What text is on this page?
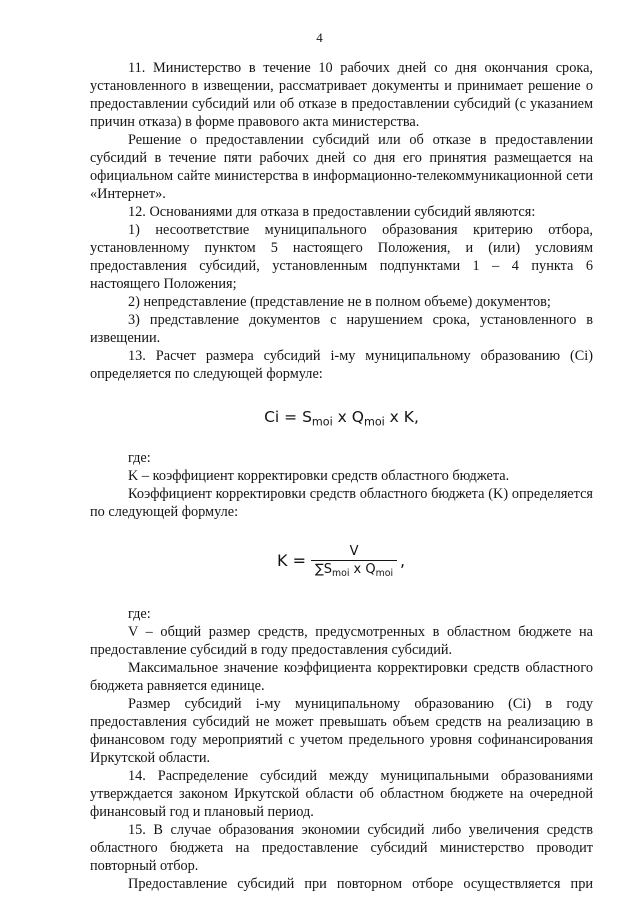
4

11. Министерство в течение 10 рабочих дней со дня окончания срока, установленного в извещении, рассматривает документы и принимает решение о предоставлении субсидий или об отказе в предоставлении субсидий (с указанием причин отказа) в форме правового акта министерства.

Решение о предоставлении субсидий или об отказе в предоставлении субсидий в течение пяти рабочих дней со дня его принятия размещается на официальном сайте министерства в информационно-телекоммуникационной сети «Интернет».

12. Основаниями для отказа в предоставлении субсидий являются:

1) несоответствие муниципального образования критерию отбора, установленному пунктом 5 настоящего Положения, и (или) условиям предоставления субсидий, установленным подпунктами 1 – 4 пункта 6 настоящего Положения;

2) непредставление (представление не в полном объеме) документов;

3) представление документов с нарушением срока, установленного в извещении.

13. Расчет размера субсидий i-му муниципальному образованию (Ci) определяется по следующей формуле:

$Ci = S_{moi}$ x $Q_{moi}$ x K,

где:

K – коэффициент корректировки средств областного бюджета.

Коэффициент корректировки средств областного бюджета (K) определяется по следующей формуле:

$K = \frac{V}{\sum S_{moi} x Q_{moi}}$ ,

где:

V – общий размер средств, предусмотренных в областном бюджете на предоставление субсидий в году предоставления субсидий.

Максимальное значение коэффициента корректировки средств областного бюджета равняется единице.

Размер субсидий i-му муниципальному образованию (Ci) в году предоставления субсидий не может превышать объем средств на реализацию в финансовом году мероприятий с учетом предельного уровня софинансирования Иркутской области.

14. Распределение субсидий между муниципальными образованиями утверждается законом Иркутской области об областном бюджете на очередной финансовый год и плановый период.

15. В случае образования экономии субсидий либо увеличения средств областного бюджета на предоставление субсидий министерство проводит повторный отбор.

Предоставление субсидий при повторном отборе осуществляется при
